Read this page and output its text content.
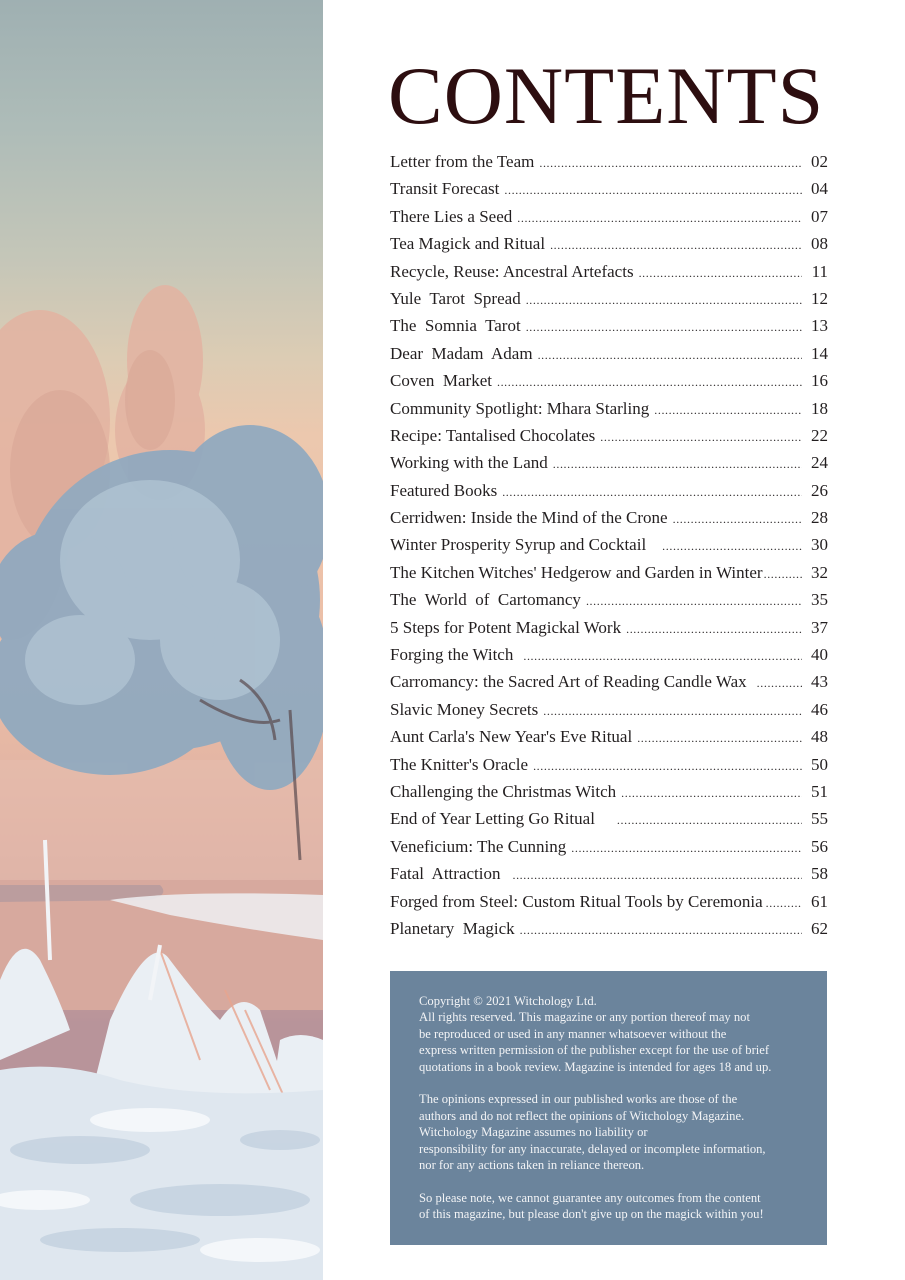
CONTENTS
Letter from the Team .....	02
Transit Forecast .....	04
There Lies a Seed .....	07
Tea Magick and Ritual .....	08
Recycle, Reuse: Ancestral Artefacts .....	11
Yule  Tarot  Spread .....	12
The  Somnia  Tarot .....	13
Dear  Madam  Adam .....	14
Coven  Market .....	16
Community Spotlight: Mhara Starling .....	18
Recipe: Tantalised Chocolates .....	22
Working with the Land .....	24
Featured Books .....	26
Cerridwen: Inside the Mind of the Crone .....	28
Winter Prosperity Syrup and Cocktail .....	30
The Kitchen Witches' Hedgerow and Garden in Winter .....	32
The  World  of  Cartomancy .....	35
5 Steps for Potent Magickal Work .....	37
Forging the Witch .....	40
Carromancy: the Sacred Art of Reading Candle Wax .....	43
Slavic Money Secrets .....	46
Aunt Carla's New Year's Eve Ritual .....	48
The Knitter's Oracle .....	50
Challenging the Christmas Witch .....	51
End of Year Letting Go Ritual .....	55
Veneficium: The Cunning .....	56
Fatal  Attraction .....	58
Forged from Steel: Custom Ritual Tools by Ceremonia .....	61
Planetary  Magick .....	62

Copyright © 2021 Witchology Ltd.
All rights reserved. This magazine or any portion thereof may not
be reproduced or used in any manner whatsoever without the
express written permission of the publisher except for the use of brief
quotations in a book review. Magazine is intended for ages 18 and up.

The opinions expressed in our published works are those of the
authors and do not reflect the opinions of Witchology Magazine.
Witchology Magazine assumes no liability or
responsibility for any inaccurate, delayed or incomplete information,
nor for any actions taken in reliance thereon.

So please note, we cannot guarantee any outcomes from the content
of this magazine, but please don't give up on the magick within you!
